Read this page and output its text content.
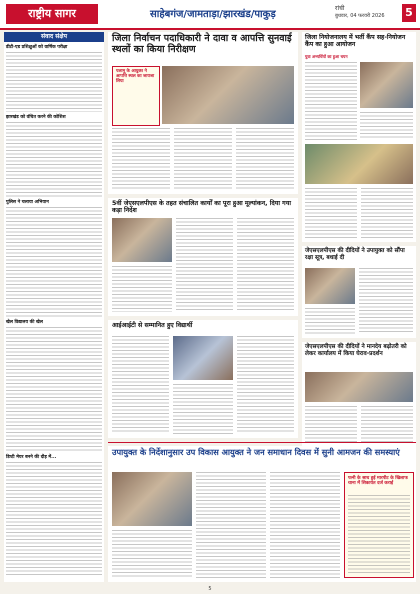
राष्ट्रीय सागर	साहेबगंज/जामताड़ा/झारखंड/पाकुड़
रांची
बुधवार, 04 फरवरी 2026 5
संवाद संक्षेप
डीटी-एड प्रशिक्षुओं को वार्षिक परीक्षा
झारखंड को वंचित करने की कोशिश
पुलिस ने चलाया अभियान
खेल विद्यालय की खेल
डिप्टी मेयर बनने की दौड़ में...
जिला निर्वाचन पदाधिकारी ने दावा व आपत्ति सुनवाई स्थलों का किया निरीक्षण
पलामू के आयुक्त ने आपत्ति स्थल का जायजा लिया
जिला नियोजनालय में भर्ती कैंप सह-नियोजन कैंप का हुआ आयोजन
युवा अभ्यर्थियों का हुआ चयन
5वीं जेएसएलपीएस के तहत संचालित कार्यों का पूरा हुआ मूल्यांकन, दिया गया कड़ा निर्देश
जेएसएलपीएस की दीदियों ने उपायुक्त को सौंपा रक्षा सूत्र, बधाई दी
आईआईटी से सम्मानित हुए विद्यार्थी
जेएसएलपीएस की दीदियों ने मानदेय बढ़ोतरी को लेकर कार्यालय में किया घेराव-प्रदर्शन
उपायुक्त के निर्देशानुसार उप विकास आयुक्त ने जन समाधान दिवस में सुनी आमजन की समस्याएं
पत्नी के साथ हुई मारपीट के खिलाफ थाना में शिकायत दर्ज कराई
5
